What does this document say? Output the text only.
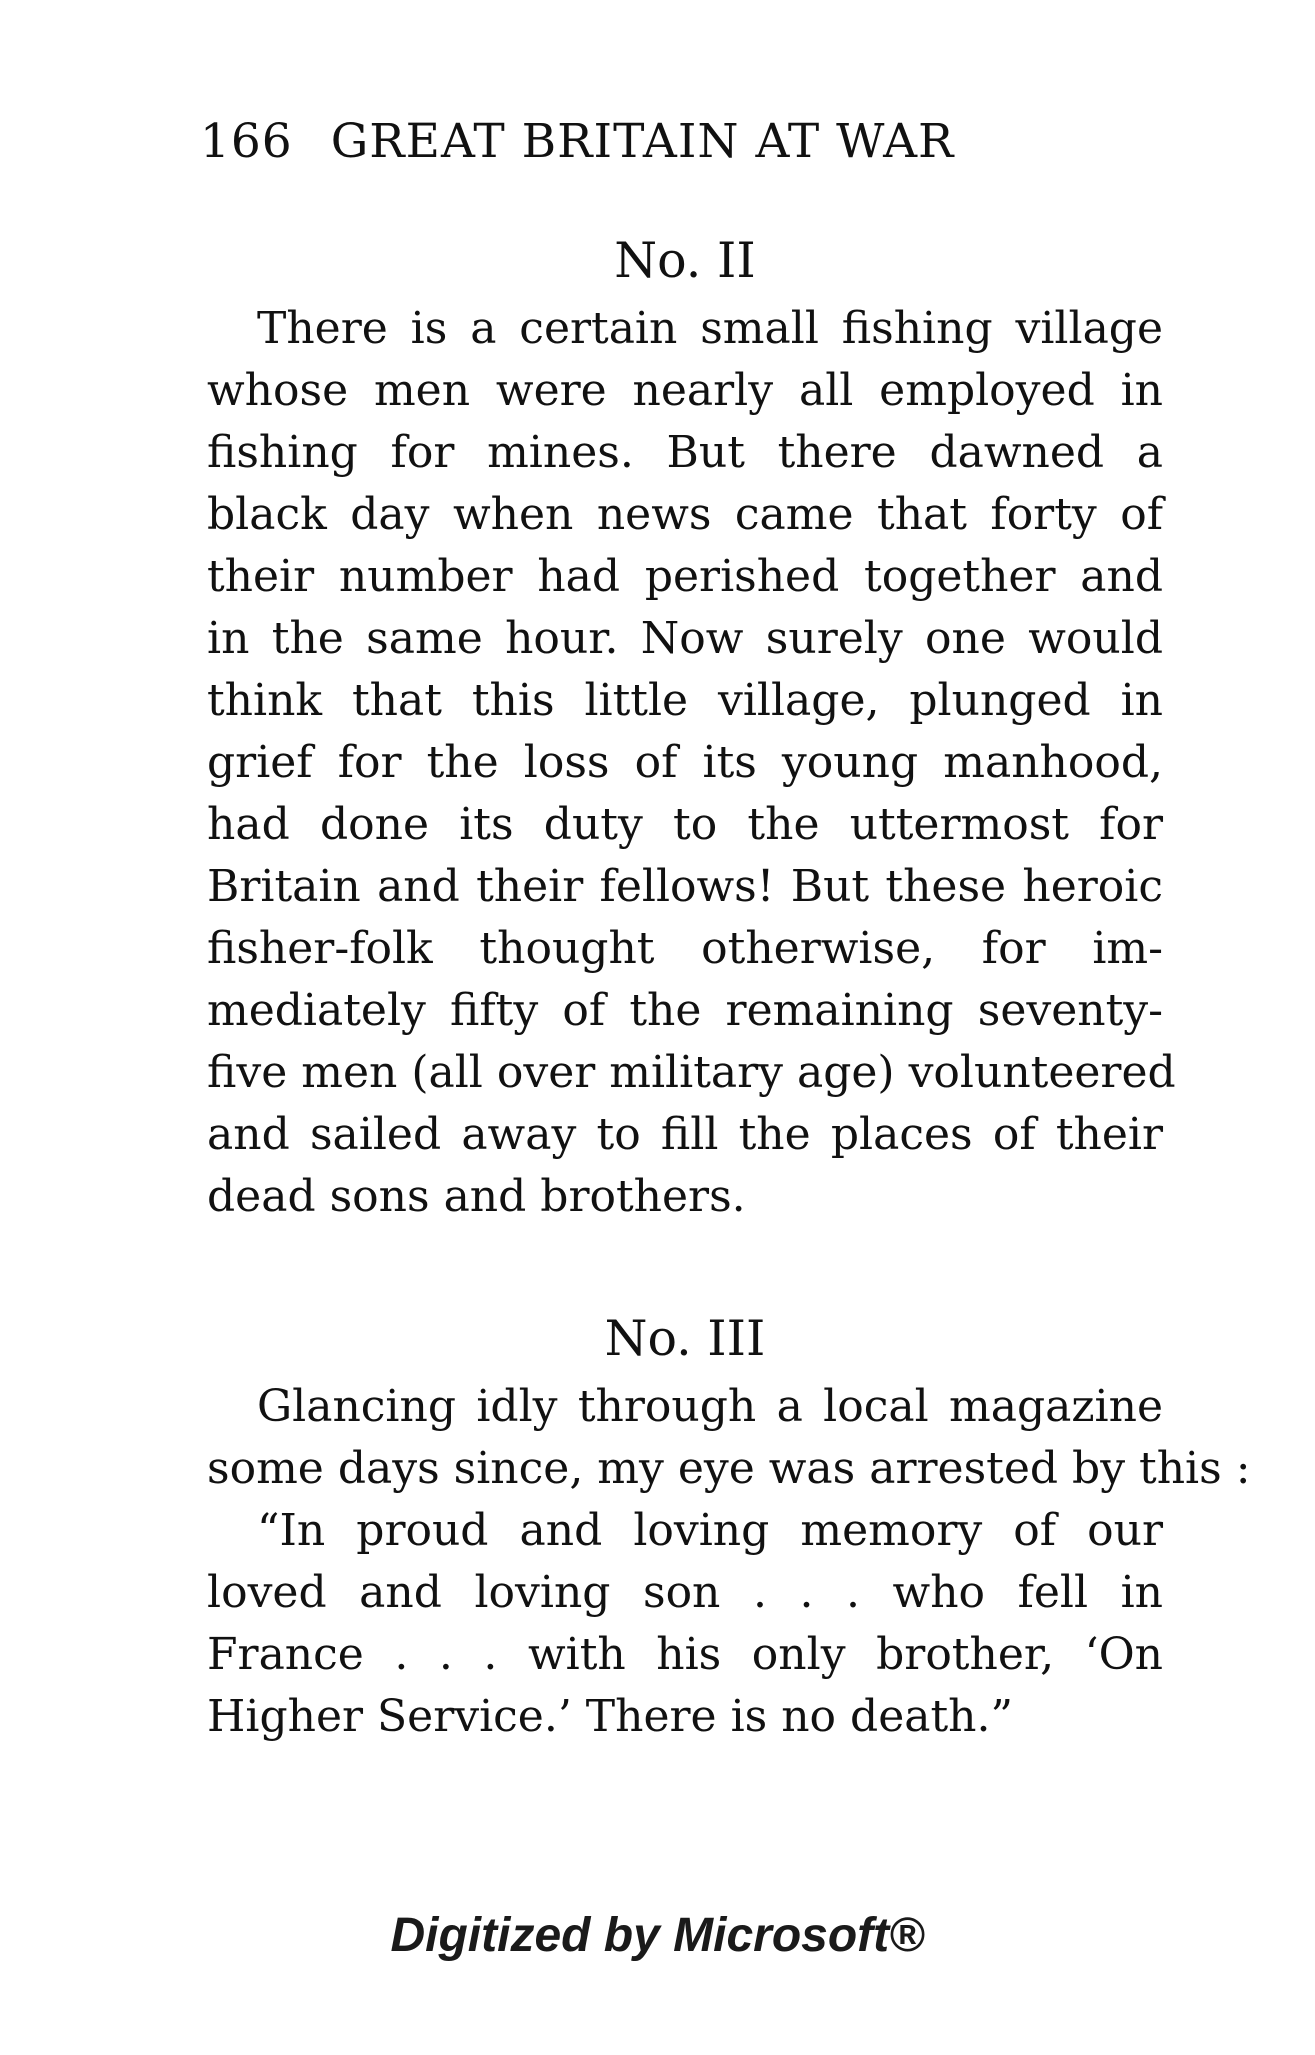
166 GREAT BRITAIN AT WAR
No. II
There is a certain small fishing village
whose men were nearly all employed in
fishing for mines. But there dawned a
black day when news came that forty of
their number had perished together and
in the same hour. Now surely one would
think that this little village, plunged in
grief for the loss of its young manhood,
had done its duty to the uttermost for
Britain and their fellows! But these heroic
fisher-folk thought otherwise, for im-
mediately fifty of the remaining seventy-
five men (all over military age) volunteered
and sailed away to fill the places of their
dead sons and brothers.
No. III
Glancing idly through a local magazine
some days since, my eye was arrested by this :
“In proud and loving memory of our
loved and loving son . . . who fell in
France . . . with his only brother, ‘On
Higher Service.’ There is no death.”
Digitized by Microsoft®
